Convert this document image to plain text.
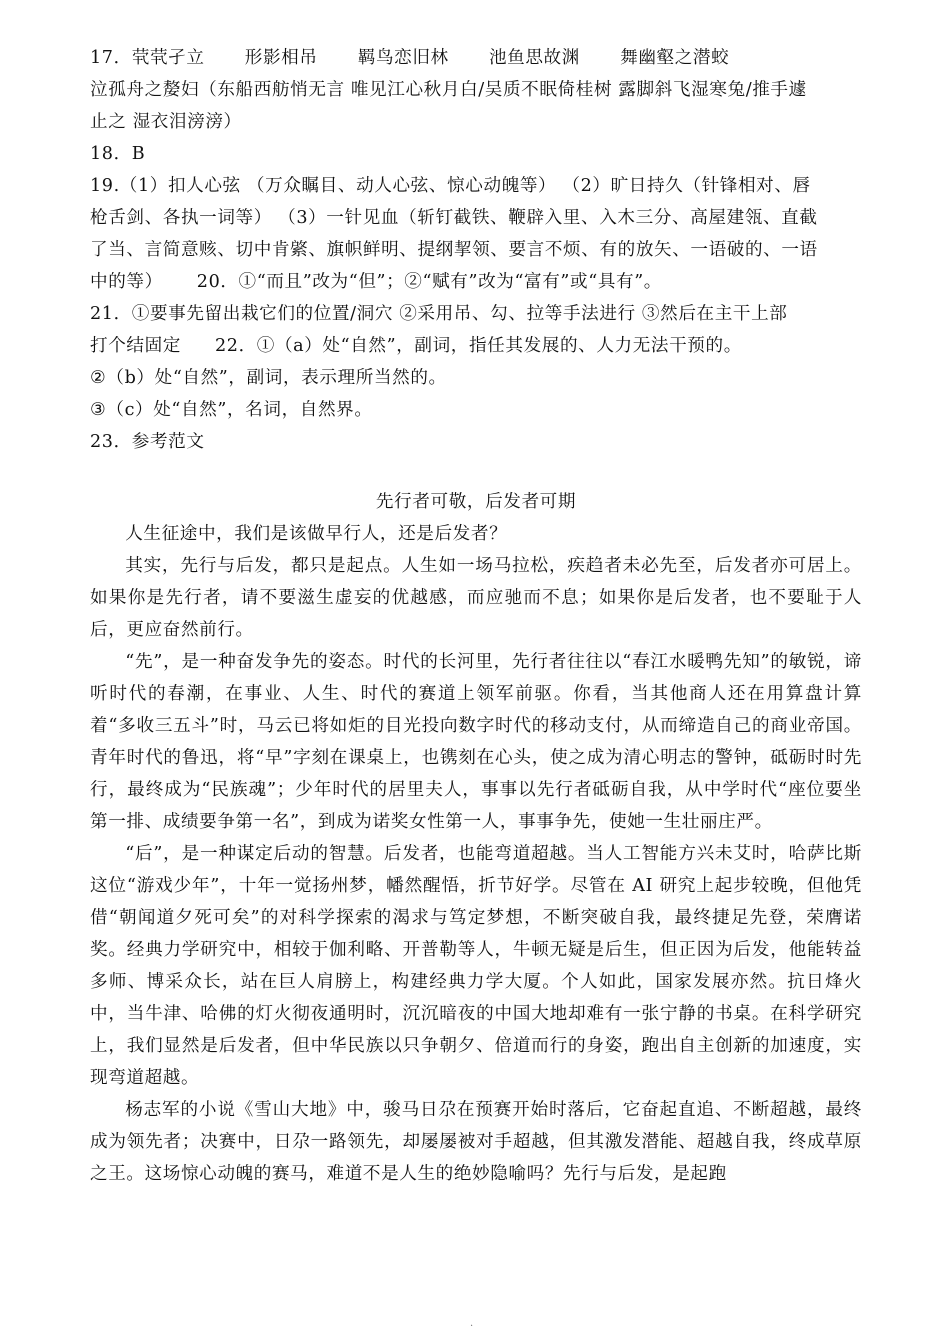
17．茕茕孑立 形影相吊 羁鸟恋旧林 池鱼思故渊 舞幽壑之潜蛟
泣孤舟之嫠妇（东船西舫悄无言 唯见江心秋月白/吴质不眠倚桂树 露脚斜飞湿寒兔/推手遽
止之 湿衣泪滂滂）
18．B
19.（1）扣人心弦 （万众瞩目、动人心弦、惊心动魄等） （2）旷日持久（针锋相对、唇
枪舌剑、各执一词等） （3）一针见血（斩钉截铁、鞭辟入里、入木三分、高屋建瓴、直截
了当、言简意赅、切中肯綮、旗帜鲜明、提纲挈领、要言不烦、有的放矢、一语破的、一语
中的等） 20．①“而且”改为“但”；②“赋有”改为“富有”或“具有”。
21．①要事先留出栽它们的位置/洞穴 ②采用吊、勾、拉等手法进行 ③然后在主干上部
打个结固定 22．①（a）处“自然”，副词，指任其发展的、人力无法干预的。
②（b）处“自然”，副词，表示理所当然的。
③（c）处“自然”，名词，自然界。
23．参考范文
先行者可敬，后发者可期

人生征途中，我们是该做早行人，还是后发者？

其实，先行与后发，都只是起点。人生如一场马拉松，疾趋者未必先至，后发者亦可居上。如果你是先行者，请不要滋生虚妄的优越感，而应驰而不息；如果你是后发者，也不要耻于人后，更应奋然前行。

“先”，是一种奋发争先的姿态。时代的长河里，先行者往往以“春江水暖鸭先知”的敏锐，谛听时代的春潮，在事业、人生、时代的赛道上领军前驱。你看，当其他商人还在用算盘计算着“多收三五斗”时，马云已将如炬的目光投向数字时代的移动支付，从而缔造自己的商业帝国。青年时代的鲁迅，将“早”字刻在课桌上，也镌刻在心头，使之成为清心明志的警钟，砥砺时时先行，最终成为“民族魂”；少年时代的居里夫人，事事以先行者砥砺自我，从中学时代“座位要坐第一排、成绩要争第一名”，到成为诺奖女性第一人，事事争先，使她一生壮丽庄严。

“后”，是一种谋定后动的智慧。后发者，也能弯道超越。当人工智能方兴未艾时，哈萨比斯这位“游戏少年”，十年一觉扬州梦，幡然醒悟，折节好学。尽管在 AI 研究上起步较晚，但他凭借“朝闻道夕死可矣”的对科学探索的渴求与笃定梦想，不断突破自我，最终捷足先登，荣膺诺奖。经典力学研究中，相较于伽利略、开普勒等人，牛顿无疑是后生，但正因为后发，他能转益多师、博采众长，站在巨人肩膀上，构建经典力学大厦。个人如此，国家发展亦然。抗日烽火中，当牛津、哈佛的灯火彻夜通明时，沉沉暗夜的中国大地却难有一张宁静的书桌。在科学研究上，我们显然是后发者，但中华民族以只争朝夕、倍道而行的身姿，跑出自主创新的加速度，实现弯道超越。

杨志军的小说《雪山大地》中，骏马日尕在预赛开始时落后，它奋起直追、不断超越，最终成为领先者；决赛中，日尕一路领先，却屡屡被对手超越，但其激发潜能、超越自我，终成草原之王。这场惊心动魄的赛马，难道不是人生的绝妙隐喻吗？先行与后发，是起跑

.
